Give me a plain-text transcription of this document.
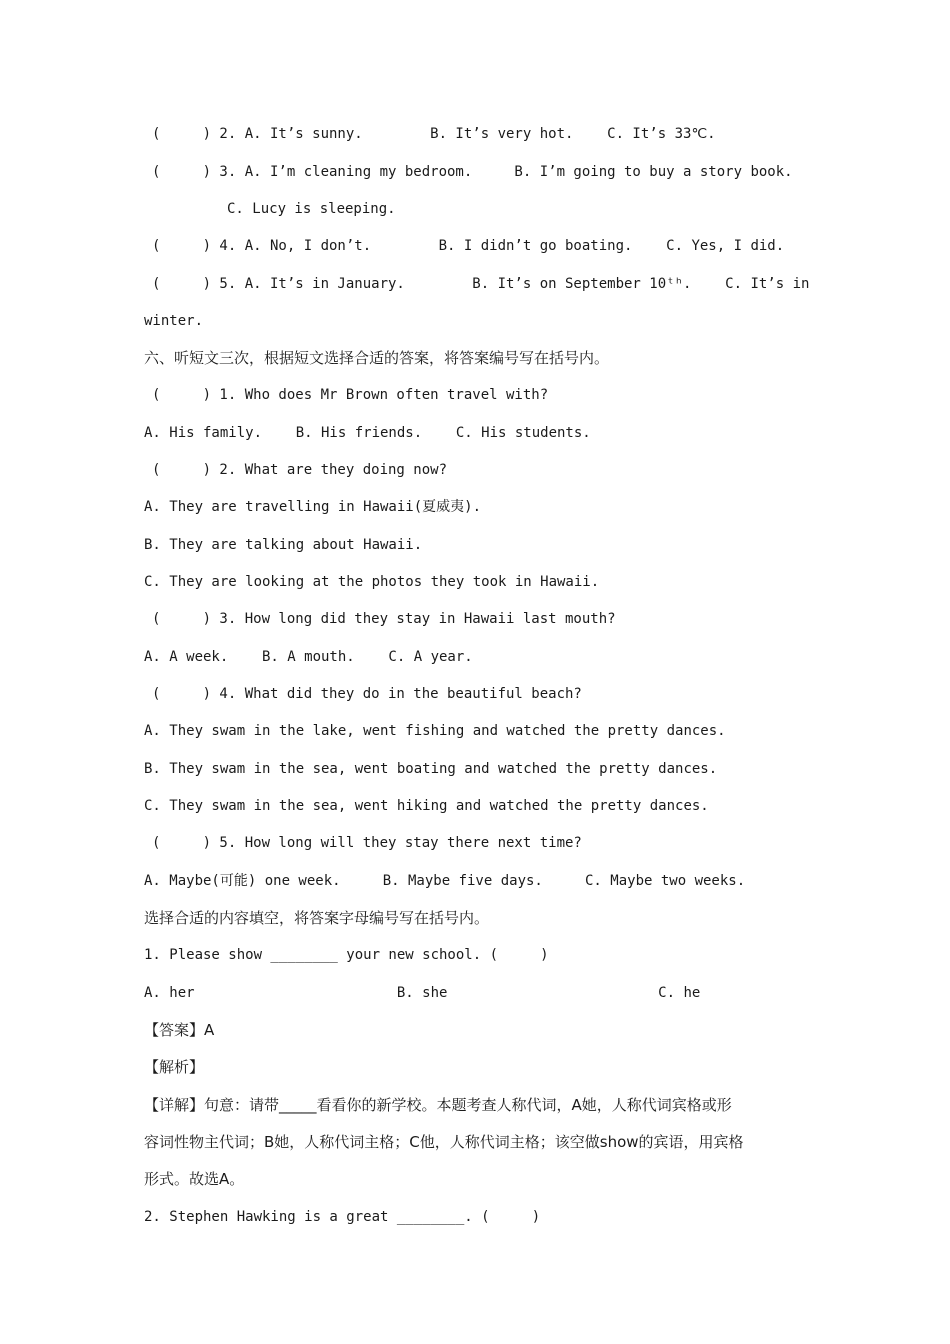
(     ) 2. A. It’s sunny.        B. It’s very hot.    C. It’s 33℃.
(     ) 3. A. I’m cleaning my bedroom.     B. I’m going to buy a story book.
C. Lucy is sleeping.
(     ) 4. A. No, I don’t.        B. I didn’t go boating.    C. Yes, I did.
(     ) 5. A. It’s in January.        B. It’s on September 10ᵗʰ.    C. It’s in
winter.
六、听短文三次，根据短文选择合适的答案，将答案编号写在括号内。
(     ) 1. Who does Mr Brown often travel with?
A. His family.    B. His friends.    C. His students.
(     ) 2. What are they doing now?
A. They are travelling in Hawaii(夏威夷).
B. They are talking about Hawaii.
C. They are looking at the photos they took in Hawaii.
(     ) 3. How long did they stay in Hawaii last mouth?
A. A week.    B. A mouth.    C. A year.
(     ) 4. What did they do in the beautiful beach?
A. They swam in the lake, went fishing and watched the pretty dances.
B. They swam in the sea, went boating and watched the pretty dances.
C. They swam in the sea, went hiking and watched the pretty dances.
(     ) 5. How long will they stay there next time?
A. Maybe(可能) one week.     B. Maybe five days.     C. Maybe two weeks.
选择合适的内容填空，将答案字母编号写在括号内。
1. Please show ________ your new school. (     )
A. her                        B. she                         C. he
【答案】A
【解析】
【详解】句意：请带_____看看你的新学校。本题考查人称代词，A她，人称代词宾格或形
容词性物主代词；B她，人称代词主格；C他，人称代词主格；该空做show的宾语，用宾格
形式。故选A。
2. Stephen Hawking is a great ________. (     )
